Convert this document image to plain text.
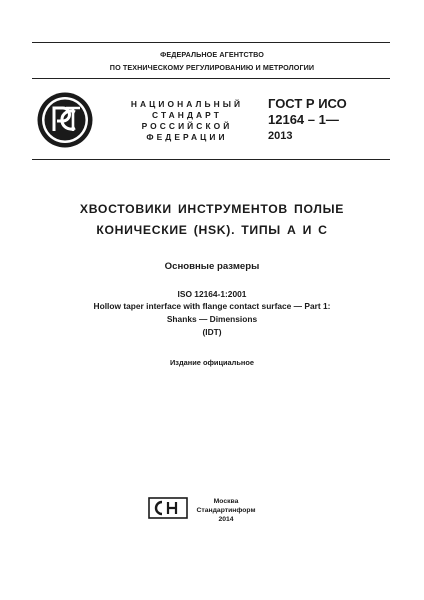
ФЕДЕРАЛЬНОЕ АГЕНТСТВО
ПО ТЕХНИЧЕСКОМУ РЕГУЛИРОВАНИЮ И МЕТРОЛОГИИ
НАЦИОНАЛЬНЫЙ
СТАНДАРТ
РОССИЙСКОЙ
ФЕДЕРАЦИИ
ГОСТ Р ИСО
12164 – 1—
2013
ХВОСТОВИКИ ИНСТРУМЕНТОВ ПОЛЫЕ
КОНИЧЕСКИЕ (HSK). ТИПЫ А И С
Основные размеры
ISO 12164-1:2001
Hollow taper interface with flange contact surface — Part 1:
Shanks — Dimensions
(IDT)
Издание официальное
Москва
Стандартинформ
2014
